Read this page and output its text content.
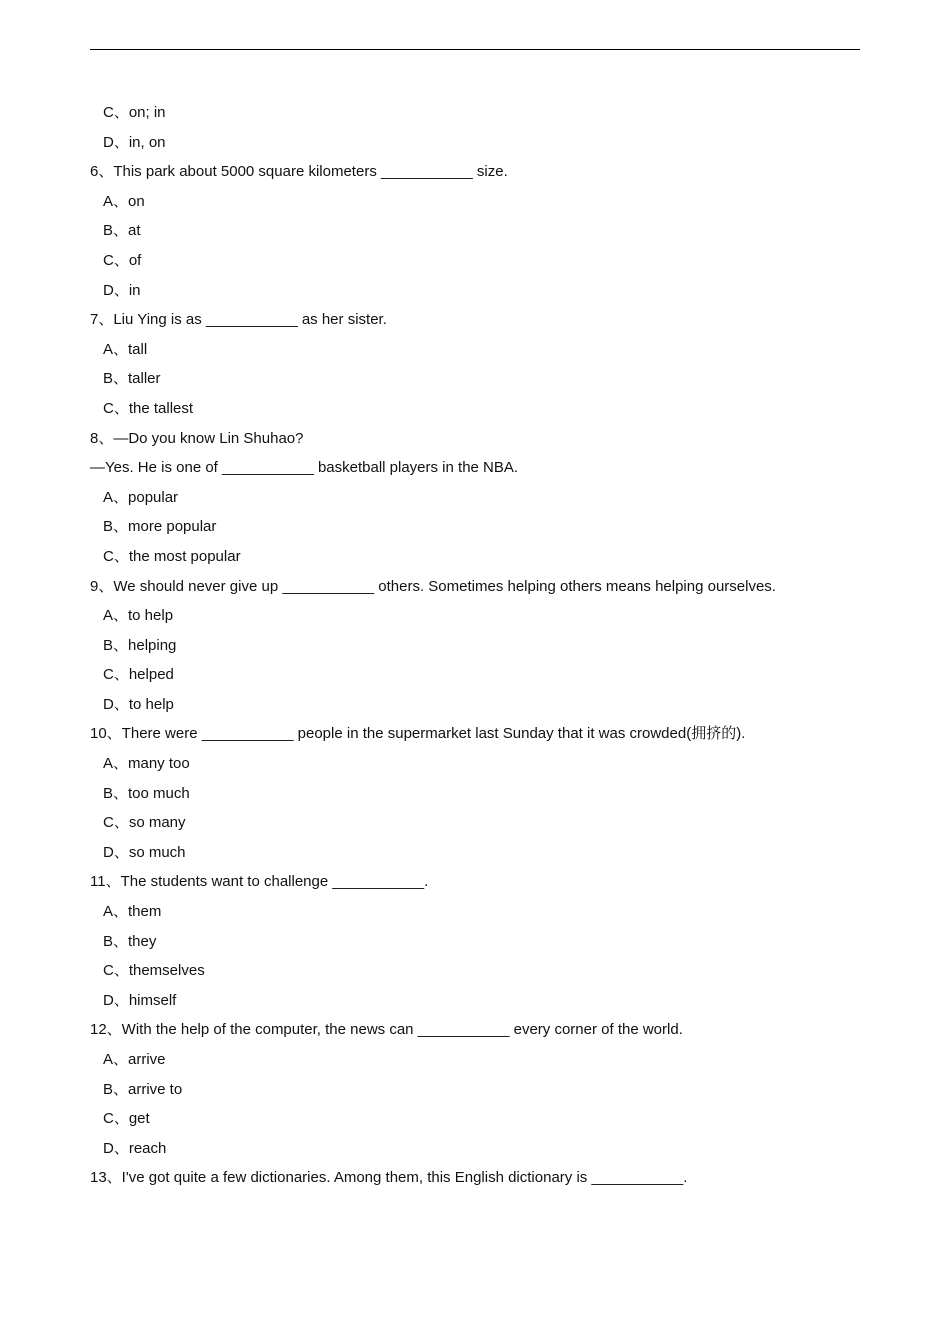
C、on; in
D、in, on
6、This park about 5000 square kilometers ___________ size.
A、on
B、at
C、of
D、in
7、Liu Ying is as ___________ as her sister.
A、tall
B、taller
C、the tallest
8、—Do you know Lin Shuhao?
—Yes. He is one of ___________ basketball players in the NBA.
A、popular
B、more popular
C、the most popular
9、We should never give up ___________ others. Sometimes helping others means helping ourselves.
A、to help
B、helping
C、helped
D、to help
10、There were ___________ people in the supermarket last Sunday that it was crowded(拥挤的).
A、many too
B、too much
C、so many
D、so much
11、The students want to challenge ___________.
A、them
B、they
C、themselves
D、himself
12、With the help of the computer, the news can ___________ every corner of the world.
A、arrive
B、arrive to
C、get
D、reach
13、I've got quite a few dictionaries. Among them, this English dictionary is ___________.
